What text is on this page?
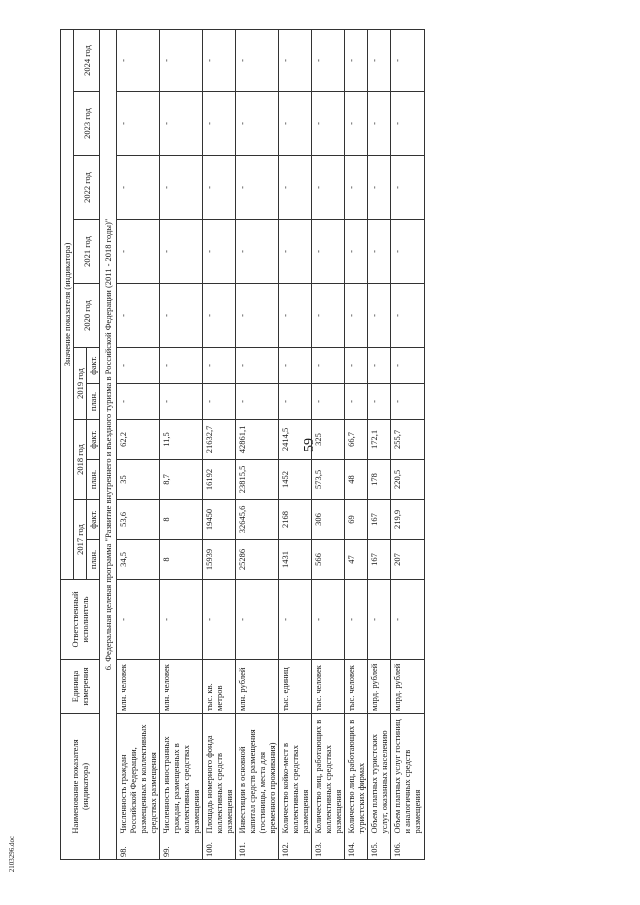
59
2103296.doc
Наименование показателя (индикатора)		Единица измерения	Ответственный исполнитель	Значение показателя (индикатора)										
				2017 год		2018 год		2019 год		2020 год	2021 год	2022 год	2023 год	2024 год
				план.	факт.	план.	факт.	план.	факт.					
6. Федеральная целевая программа "Развитие внутреннего и въездного туризма в Российской Федерации (2011 - 2018 годы)"														
98.	Численность граждан Российской Федерации, размещенных в коллективных средствах размещения	млн. человек	-	34,5	53,6	35	62,2	-	-	-	-	-	-	-
99.	Численность иностранных граждан, размещенных в коллективных средствах размещения	млн. человек	-	8	8	8,7	11,5	-	-	-	-	-	-	-
100.	Площадь номерного фонда коллективных средств размещения	тыс. кв. метров	-	15939	19450	16192	21632,7	-	-	-	-	-	-	-
101.	Инвестиции в основной капитал средств размещения (гостиницы, места для временного проживания)	млн. рублей	-	25286	32645,6	23815,5	42861,1	-	-	-	-	-	-	-
102.	Количество койко-мест в коллективных средствах размещения	тыс. единиц	-	1431	2168	1452	2414,5	-	-	-	-	-	-	-
103.	Количество лиц, работающих в коллективных средствах размещения	тыс. человек	-	566	306	573,5	325	-	-	-	-	-	-	-
104.	Количество лиц, работающих в туристских фирмах	тыс. человек	-	47	69	48	66,7	-	-	-	-	-	-	-
105.	Объем платных туристских услуг, оказанных населению	млрд. рублей	-	167	167	178	172,1	-	-	-	-	-	-	-
106.	Объем платных услуг гостиниц и аналогичных средств размещения	млрд. рублей	-	207	219,9	220,5	255,7	-	-	-	-	-	-	-
